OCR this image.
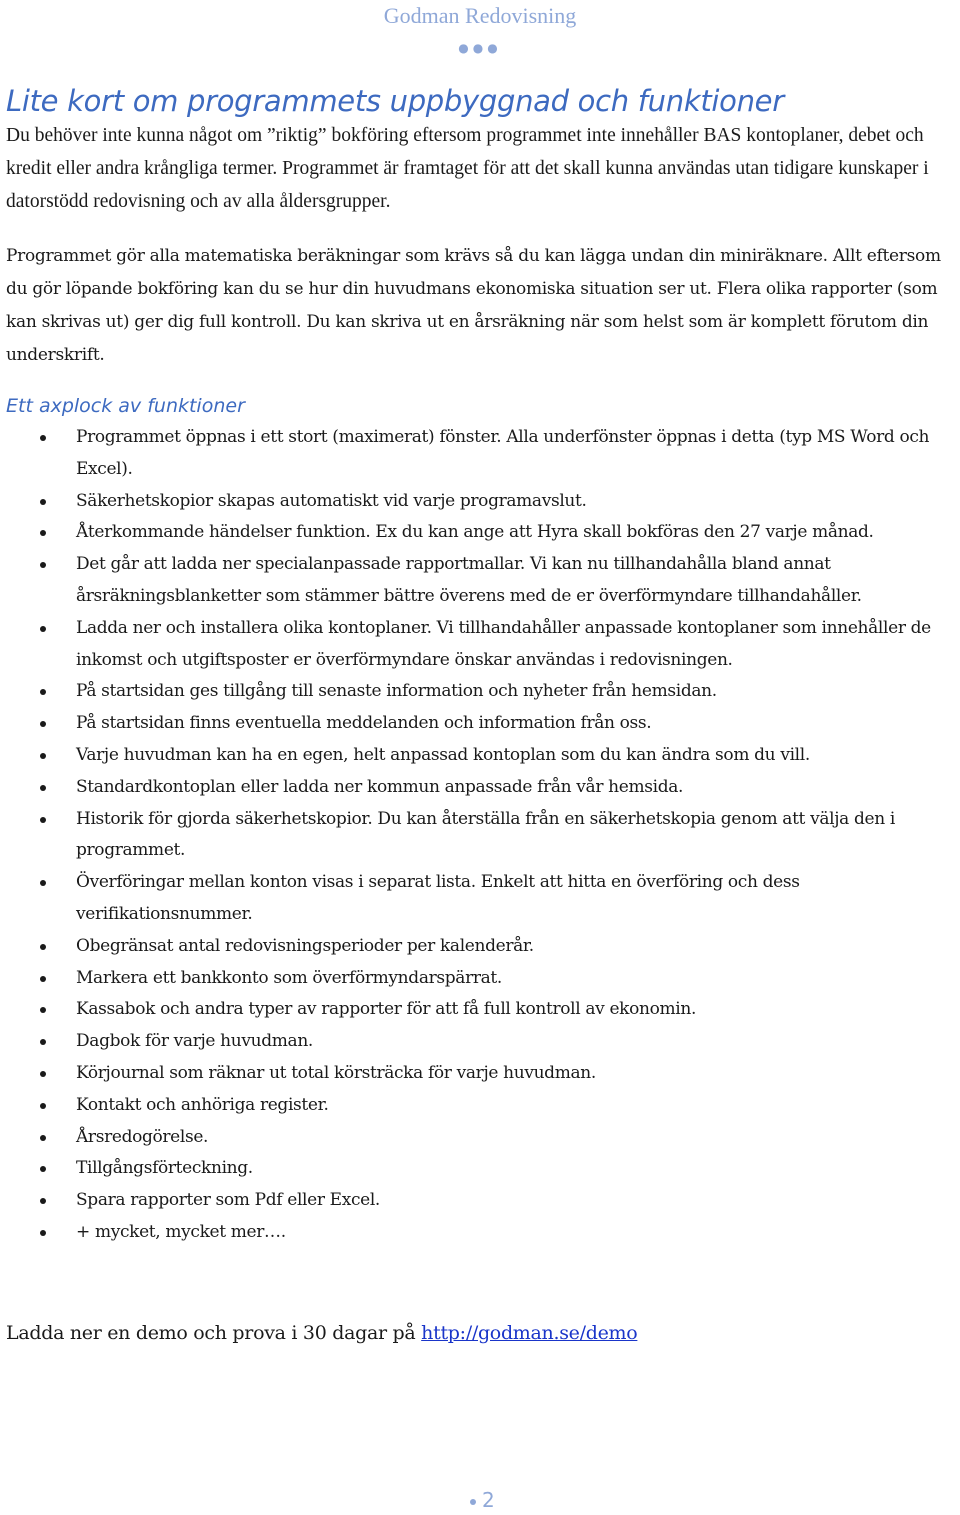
Godman Redovisning
●●●
Lite kort om programmets uppbyggnad och funktioner

Du behöver inte kunna något om ”riktig” bokföring eftersom programmet inte innehåller BAS kontoplaner, debet och kredit eller andra krångliga termer. Programmet är framtaget för att det skall kunna användas utan tidigare kunskaper i datorstödd redovisning och av alla åldersgrupper.

Programmet gör alla matematiska beräkningar som krävs så du kan lägga undan din miniräknare. Allt eftersom du gör löpande bokföring kan du se hur din huvudmans ekonomiska situation ser ut. Flera olika rapporter (som kan skrivas ut) ger dig full kontroll. Du kan skriva ut en årsräkning när som helst som är komplett förutom din underskrift.

Ett axplock av funktioner
Programmet öppnas i ett stort (maximerat) fönster. Alla underfönster öppnas i detta (typ MS Word och Excel).
Säkerhetskopior skapas automatiskt vid varje programavslut.
Återkommande händelser funktion. Ex du kan ange att Hyra skall bokföras den 27 varje månad.
Det går att ladda ner specialanpassade rapportmallar. Vi kan nu tillhandahålla bland annat årsräkningsblanketter som stämmer bättre överens med de er överförmyndare tillhandahåller.
Ladda ner och installera olika kontoplaner. Vi tillhandahåller anpassade kontoplaner som innehåller de inkomst och utgiftsposter er överförmyndare önskar användas i redovisningen.
På startsidan ges tillgång till senaste information och nyheter från hemsidan.
På startsidan finns eventuella meddelanden och information från oss.
Varje huvudman kan ha en egen, helt anpassad kontoplan som du kan ändra som du vill.
Standardkontoplan eller ladda ner kommun anpassade från vår hemsida.
Historik för gjorda säkerhetskopior. Du kan återställa från en säkerhetskopia genom att välja den i programmet.
Överföringar mellan konton visas i separat lista. Enkelt att hitta en överföring och dess verifikationsnummer.
Obegränsat antal redovisningsperioder per kalenderår.
Markera ett bankkonto som överförmyndarspärrat.
Kassabok och andra typer av rapporter för att få full kontroll av ekonomin.
Dagbok för varje huvudman.
Körjournal som räknar ut total körsträcka för varje huvudman.
Kontakt och anhöriga register.
Årsredogörelse.
Tillgångsförteckning.
Spara rapporter som Pdf eller Excel.
+ mycket, mycket mer….

Ladda ner en demo och prova i 30 dagar på http://godman.se/demo

2
